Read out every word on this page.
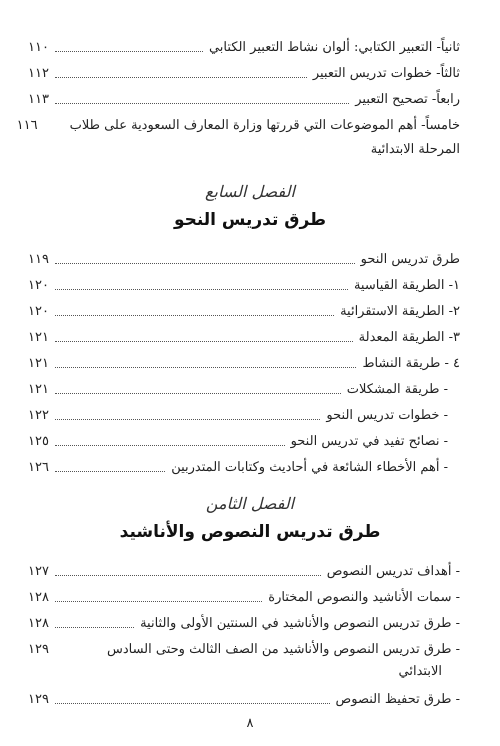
ثانياً- التعبير الكتابي: ألوان نشاط التعبير الكتابي
١١٠
ثالثاً- خطوات تدريس التعبير
١١٢
رابعاً- تصحيح التعبير
١١٣
خامساً- أهم الموضوعات التي قررتها وزارة المعارف السعودية على طلاب
١١٦
المرحلة الابتدائية
الفصل السابع
طرق تدريس النحو
طرق تدريس النحو
١١٩
١- الطريقة القياسية
١٢٠
٢- الطريقة الاستقرائية
١٢٠
٣- الطريقة المعدلة
١٢١
٤ - طريقة النشاط
١٢١
- طريقة المشكلات
١٢١
- خطوات تدريس النحو
١٢٢
- نصائح تفيد في تدريس النحو
١٢٥
- أهم الأخطاء الشائعة في أحاديث وكتابات المتدربين
١٢٦
الفصل الثامن
طرق تدريس النصوص والأناشيد
- أهداف تدريس النصوص
١٢٧
- سمات الأناشيد والنصوص المختارة
١٢٨
- طرق تدريس النصوص والأناشيد في السنتين الأولى والثانية
١٢٨
- طرق تدريس النصوص والأناشيد من الصف الثالث وحتى السادس
١٢٩
الابتدائي
- طرق تحفيظ النصوص
١٢٩
٨
